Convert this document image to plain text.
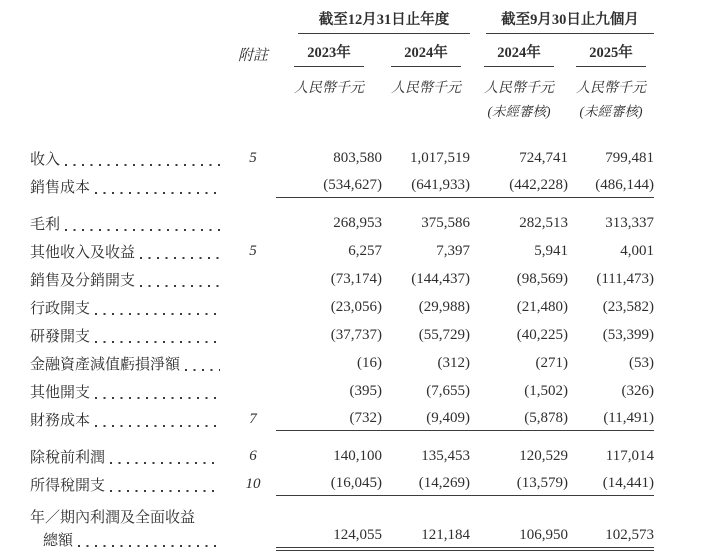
截至12月31日止年度	截至9月30日止九個月
附註	2023年	2024年	2024年	2025年
人民幣千元	人民幣千元	人民幣千元	人民幣千元
(未經審核)	(未經審核)
收入	5	803,580	1,017,519	724,741	799,481
銷售成本	(534,627)	(641,933)	(442,228)	(486,144)
毛利	268,953	375,586	282,513	313,337
其他收入及收益	5	6,257	7,397	5,941	4,001
銷售及分銷開支	(73,174)	(144,437)	(98,569)	(111,473)
行政開支	(23,056)	(29,988)	(21,480)	(23,582)
研發開支	(37,737)	(55,729)	(40,225)	(53,399)
金融資產減值虧損淨額	(16)	(312)	(271)	(53)
其他開支	(395)	(7,655)	(1,502)	(326)
財務成本	7	(732)	(9,409)	(5,878)	(11,491)
除稅前利潤	6	140,100	135,453	120,529	117,014
所得稅開支	10	(16,045)	(14,269)	(13,579)	(14,441)
年／期內利潤及全面收益
總額	124,055	121,184	106,950	102,573
